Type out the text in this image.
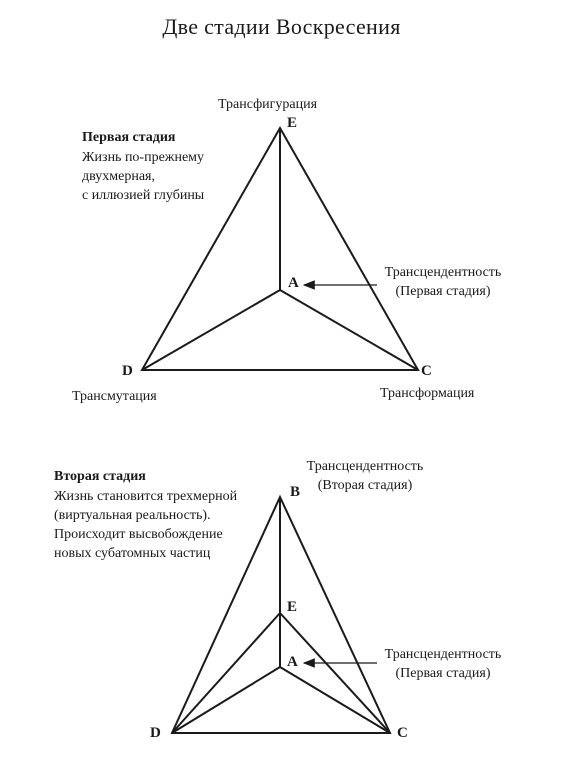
Две стадии Воскресения
Первая стадия
Жизнь по-прежнему
двухмерная,
с иллюзией глубины
Трансфигурация
E
A
D	C
Трансцендентность
(Первая стадия)
Трансмутация	Трансформация
Вторая стадия
Жизнь становится трехмерной
(виртуальная реальность).
Происходит высвобождение
новых субатомных частиц
Трансцендентность
(Вторая стадия)
B
E
A
D	C
Трансцендентность
(Первая стадия)
